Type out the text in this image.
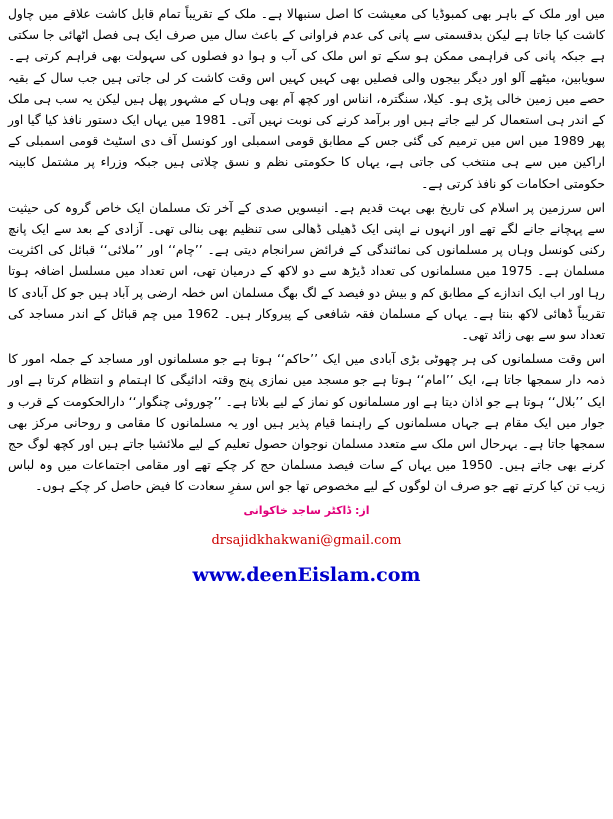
میں اور ملک کے باہر بھی کمبوڈیا کی معیشت کا اصل سنبھالا ہے۔ ملک کے تقریباً تمام قابل کاشت علاقے میں چاول کاشت کیا جاتا ہے لیکن بدقسمتی سے پانی کی عدم فراوانی کے باعث سال میں صرف ایک ہی فصل اٹھائی جا سکتی ہے جبکہ پانی کی فراہمی ممکن ہو سکے تو اس ملک کی آب و ہوا دو فصلوں کی سہولت بھی فراہم کرتی ہے۔ سویابین، میٹھے آلو اور دیگر بیجوں والی فصلیں بھی کہیں کہیں اس وقت کاشت کر لی جاتی ہیں جب سال کے بقیہ حصے میں زمین خالی پڑی ہو۔ کیلا، سنگترہ، انناس اور کچھ آم بھی وہاں کے مشہور پھل ہیں لیکن یہ سب ہی ملک کے اندر ہی استعمال کر لیے جاتے ہیں اور برآمد کرنے کی نوبت نہیں آتی۔ 1981 میں یہاں ایک دستور نافذ کیا گیا اور پھر 1989 میں اس میں ترمیم کی گئی جس کے مطابق قومی اسمبلی اور کونسل آف دی اسٹیٹ قومی اسمبلی کے اراکین میں سے ہی منتخب کی جاتی ہے، یہاں کا حکومتی نظم و نسق چلاتی ہیں جبکہ وزراء پر مشتمل کابینہ حکومتی احکامات کو نافذ کرتی ہے۔

اس سرزمین پر اسلام کی تاریخ بھی بہت قدیم ہے۔ انیسویں صدی کے آخر تک مسلمان ایک خاص گروہ کی حیثیت سے پہچانے جانے لگے تھے اور انہوں نے اپنی ایک ڈھیلی ڈھالی سی تنظیم بھی بنالی تھی۔ آزادی کے بعد سے ایک پانچ رکنی کونسل وہاں پر مسلمانوں کی نمائندگی کے فرائض سرانجام دیتی ہے۔ ’’چام‘‘ اور ’’ملائی‘‘ قبائل کی اکثریت مسلمان ہے۔ 1975 میں مسلمانوں کی تعداد ڈیڑھ سے دو لاکھ کے درمیان تھی، اس تعداد میں مسلسل اضافہ ہوتا رہا اور اب ایک اندازے کے مطابق کم و بیش دو فیصد کے لگ بھگ مسلمان اس خطہ ارضی پر آباد ہیں جو کل آبادی کا تقریباً ڈھائی لاکھ بنتا ہے۔ یہاں کے مسلمان فقہ شافعی کے پیروکار ہیں۔ 1962 میں چم قبائل کے اندر مساجد کی تعداد سو سے بھی زائد تھی۔

اس وقت مسلمانوں کی ہر چھوٹی بڑی آبادی میں ایک ’’حاکم‘‘ ہوتا ہے جو مسلمانوں اور مساجد کے جملہ امور کا ذمہ دار سمجھا جاتا ہے، ایک ’’امام‘‘ ہوتا ہے جو مسجد میں نمازی پنج وقتہ ادائیگی کا اہتمام و انتظام کرتا ہے اور ایک ’’بلال‘‘ ہوتا ہے جو اذان دیتا ہے اور مسلمانوں کو نماز کے لیے بلاتا ہے۔ ’’چوروئی چنگوار‘‘ دارالحکومت کے قرب و جوار میں ایک مقام ہے جہاں مسلمانوں کے راہنما قیام پذیر ہیں اور یہ مسلمانوں کا مقامی و روحانی مرکز بھی سمجھا جاتا ہے۔ بہرحال اس ملک سے متعدد مسلمان نوجوان حصول تعلیم کے لیے ملائشیا جاتے ہیں اور کچھ لوگ حج کرنے بھی جاتے ہیں۔ 1950 میں یہاں کے سات فیصد مسلمان حج کر چکے تھے اور مقامی اجتماعات میں وہ لباس زیب تن کیا کرتے تھے جو صرف ان لوگوں کے لیے مخصوص تھا جو اس سفرِ سعادت کا فیض حاصل کر چکے ہوں۔

از: ڈاکٹر ساجد خاکوانی
drsajidkhakwani@gmail.com
www.deenEislam.com
